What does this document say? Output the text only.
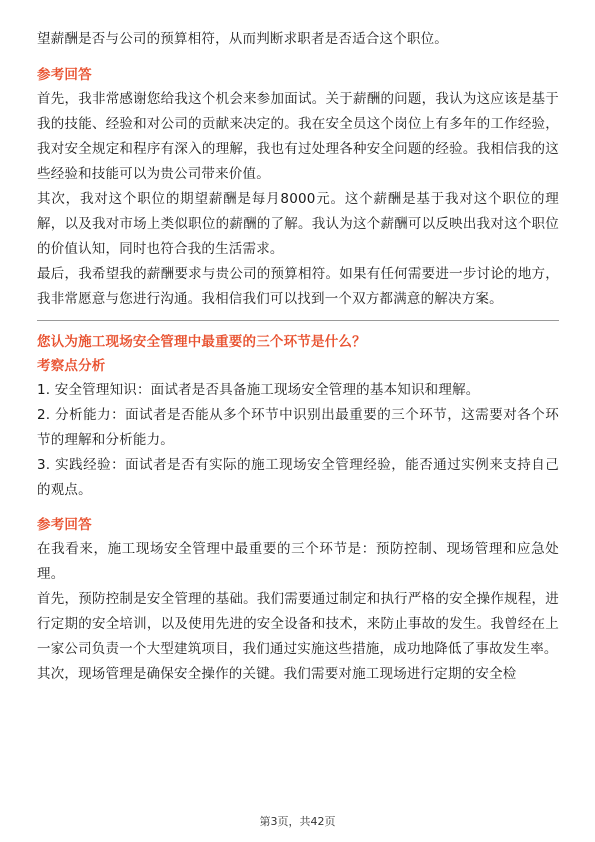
望薪酬是否与公司的预算相符，从而判断求职者是否适合这个职位。

参考回答

首先，我非常感谢您给我这个机会来参加面试。关于薪酬的问题，我认为这应该是基于我的技能、经验和对公司的贡献来决定的。我在安全员这个岗位上有多年的工作经验，我对安全规定和程序有深入的理解，我也有过处理各种安全问题的经验。我相信我的这些经验和技能可以为贵公司带来价值。

其次，我对这个职位的期望薪酬是每月8000元。这个薪酬是基于我对这个职位的理解，以及我对市场上类似职位的薪酬的了解。我认为这个薪酬可以反映出我对这个职位的价值认知，同时也符合我的生活需求。

最后，我希望我的薪酬要求与贵公司的预算相符。如果有任何需要进一步讨论的地方，我非常愿意与您进行沟通。我相信我们可以找到一个双方都满意的解决方案。

您认为施工现场安全管理中最重要的三个环节是什么？

考察点分析

1. 安全管理知识：面试者是否具备施工现场安全管理的基本知识和理解。

2. 分析能力：面试者是否能从多个环节中识别出最重要的三个环节，这需要对各个环节的理解和分析能力。

3. 实践经验：面试者是否有实际的施工现场安全管理经验，能否通过实例来支持自己的观点。

参考回答

在我看来，施工现场安全管理中最重要的三个环节是：预防控制、现场管理和应急处理。

首先，预防控制是安全管理的基础。我们需要通过制定和执行严格的安全操作规程，进行定期的安全培训，以及使用先进的安全设备和技术，来防止事故的发生。我曾经在上一家公司负责一个大型建筑项目，我们通过实施这些措施，成功地降低了事故发生率。

其次，现场管理是确保安全操作的关键。我们需要对施工现场进行定期的安全检

第3页，共42页
